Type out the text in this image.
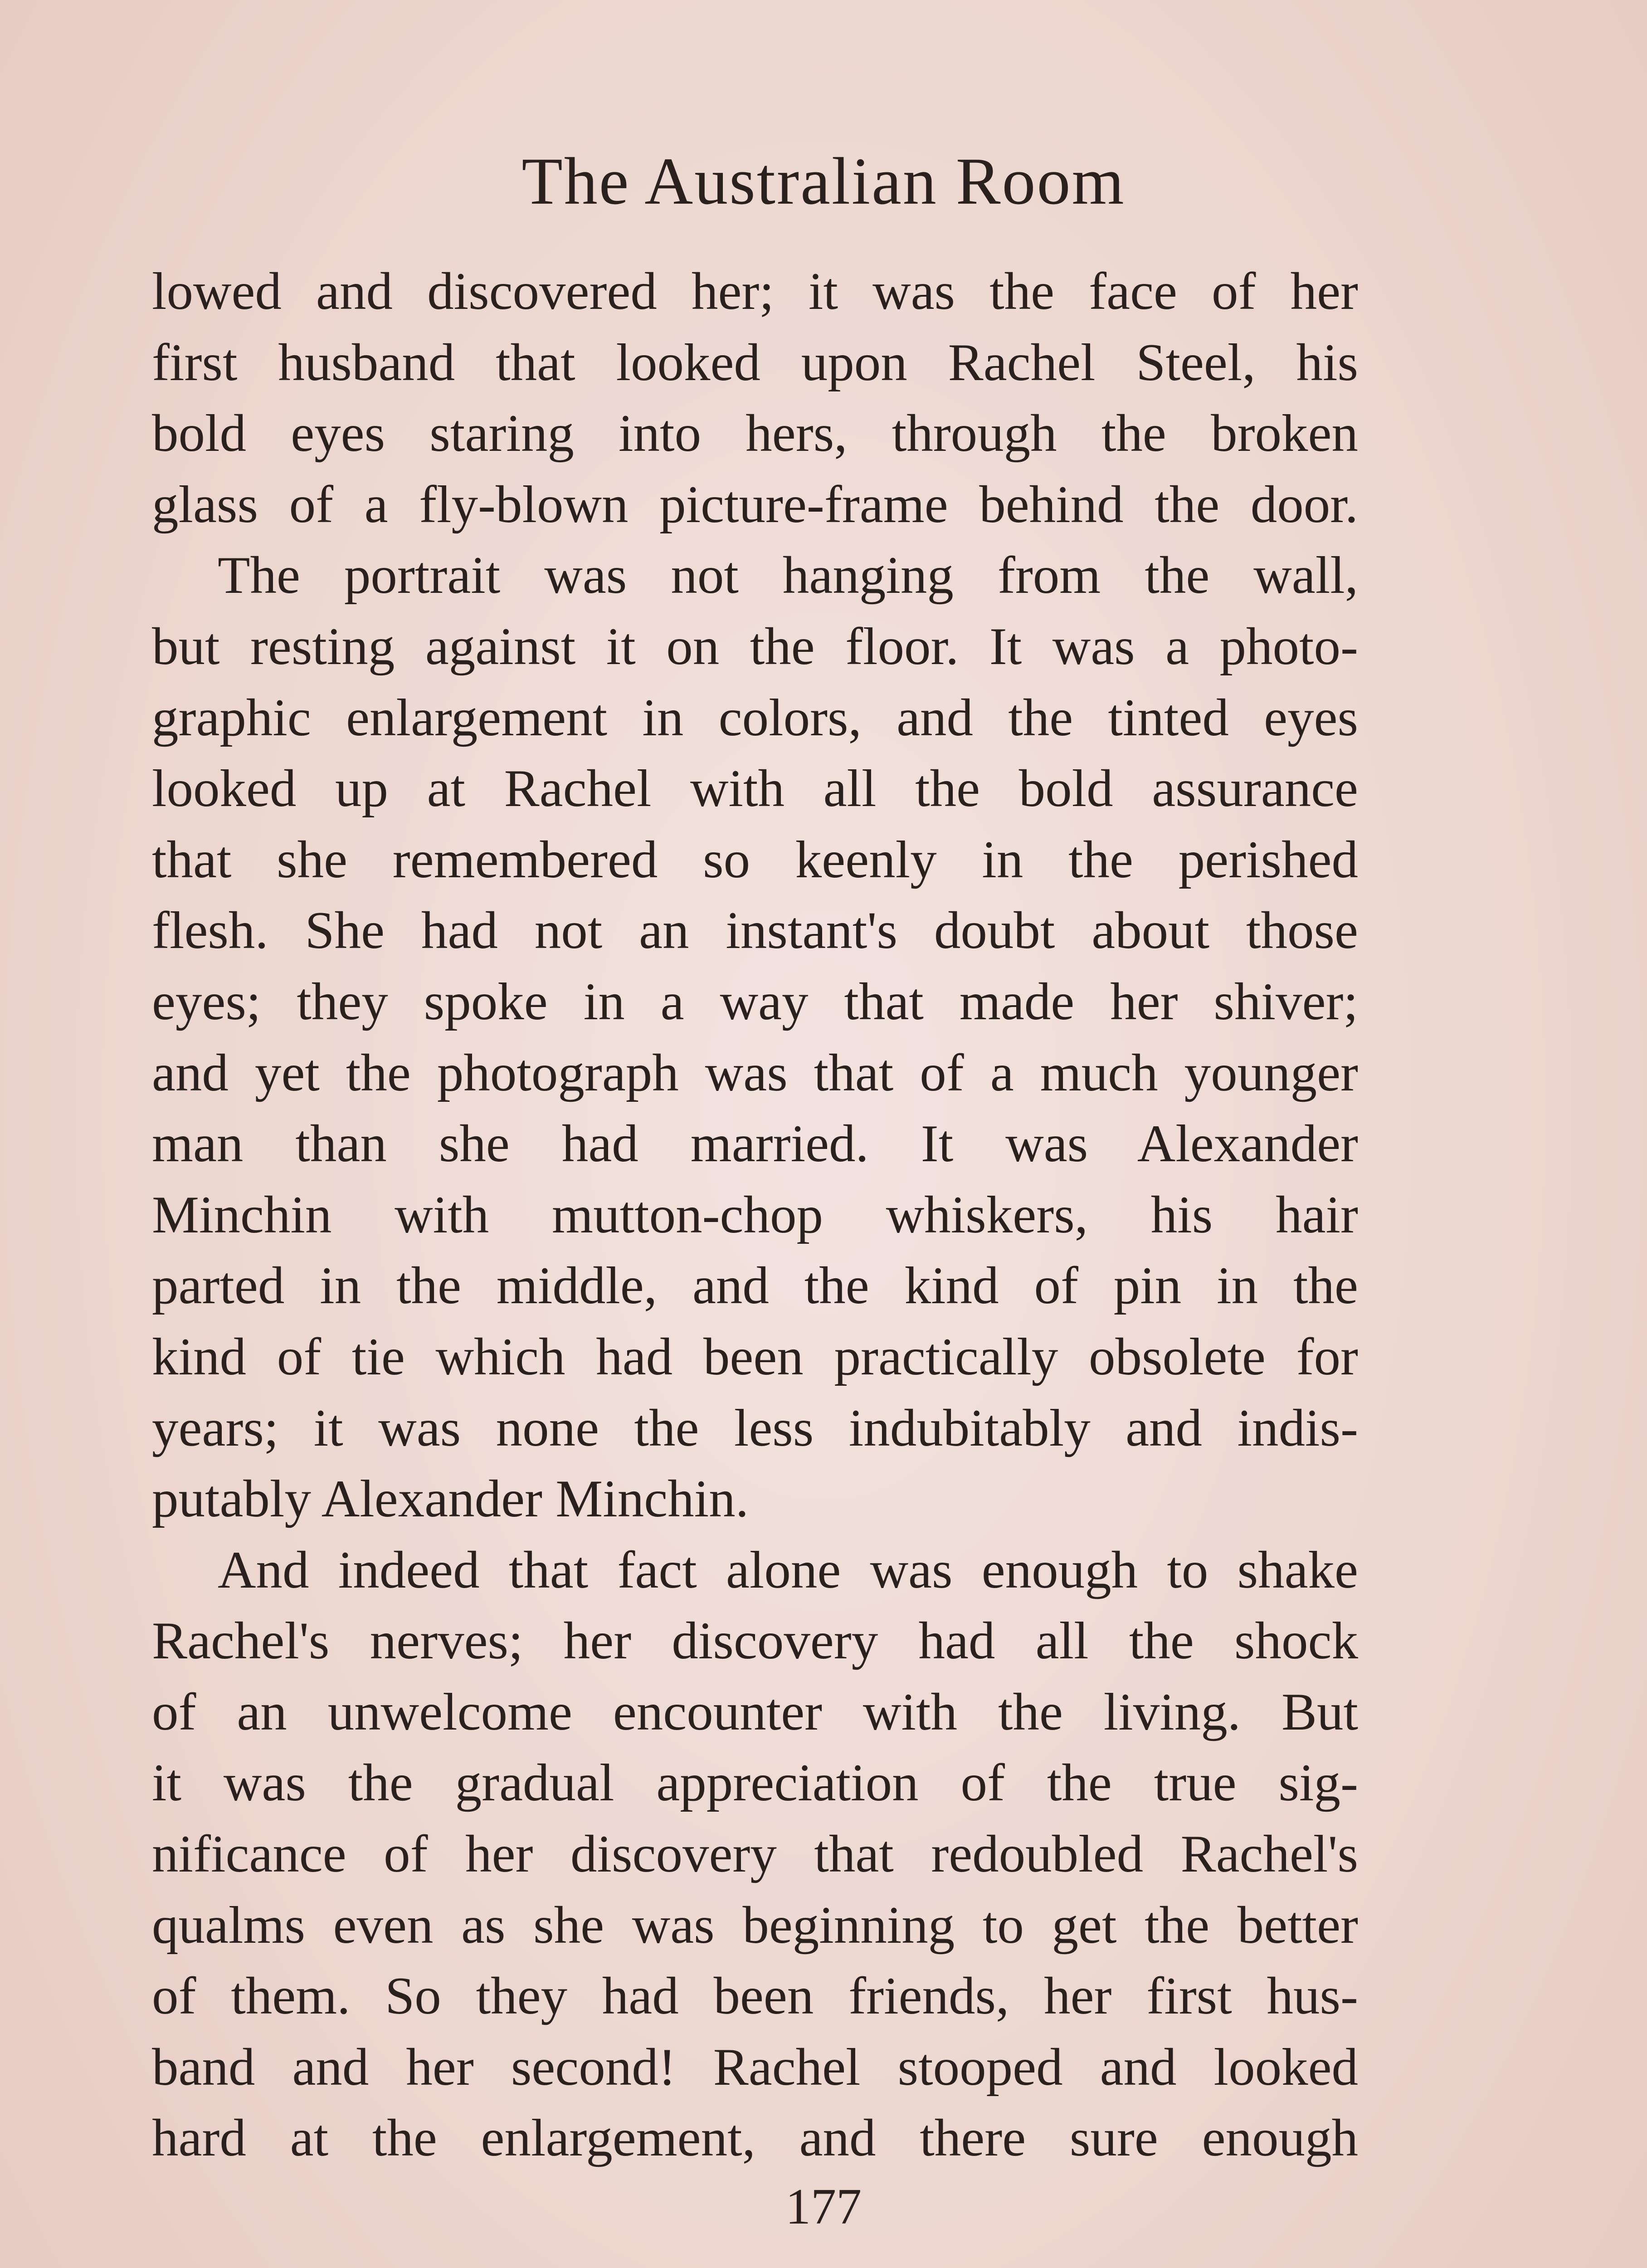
The Australian Room
lowed and discovered her; it was the face of her
first husband that looked upon Rachel Steel, his
bold eyes staring into hers, through the broken
glass of a fly-blown picture-frame behind the door.
The portrait was not hanging from the wall,
but resting against it on the floor. It was a photo-
graphic enlargement in colors, and the tinted eyes
looked up at Rachel with all the bold assurance
that she remembered so keenly in the perished
flesh. She had not an instant's doubt about those
eyes; they spoke in a way that made her shiver;
and yet the photograph was that of a much younger
man than she had married. It was Alexander
Minchin with mutton-chop whiskers, his hair
parted in the middle, and the kind of pin in the
kind of tie which had been practically obsolete for
years; it was none the less indubitably and indis-
putably Alexander Minchin.
And indeed that fact alone was enough to shake
Rachel's nerves; her discovery had all the shock
of an unwelcome encounter with the living. But
it was the gradual appreciation of the true sig-
nificance of her discovery that redoubled Rachel's
qualms even as she was beginning to get the better
of them. So they had been friends, her first hus-
band and her second! Rachel stooped and looked
hard at the enlargement, and there sure enough
177
